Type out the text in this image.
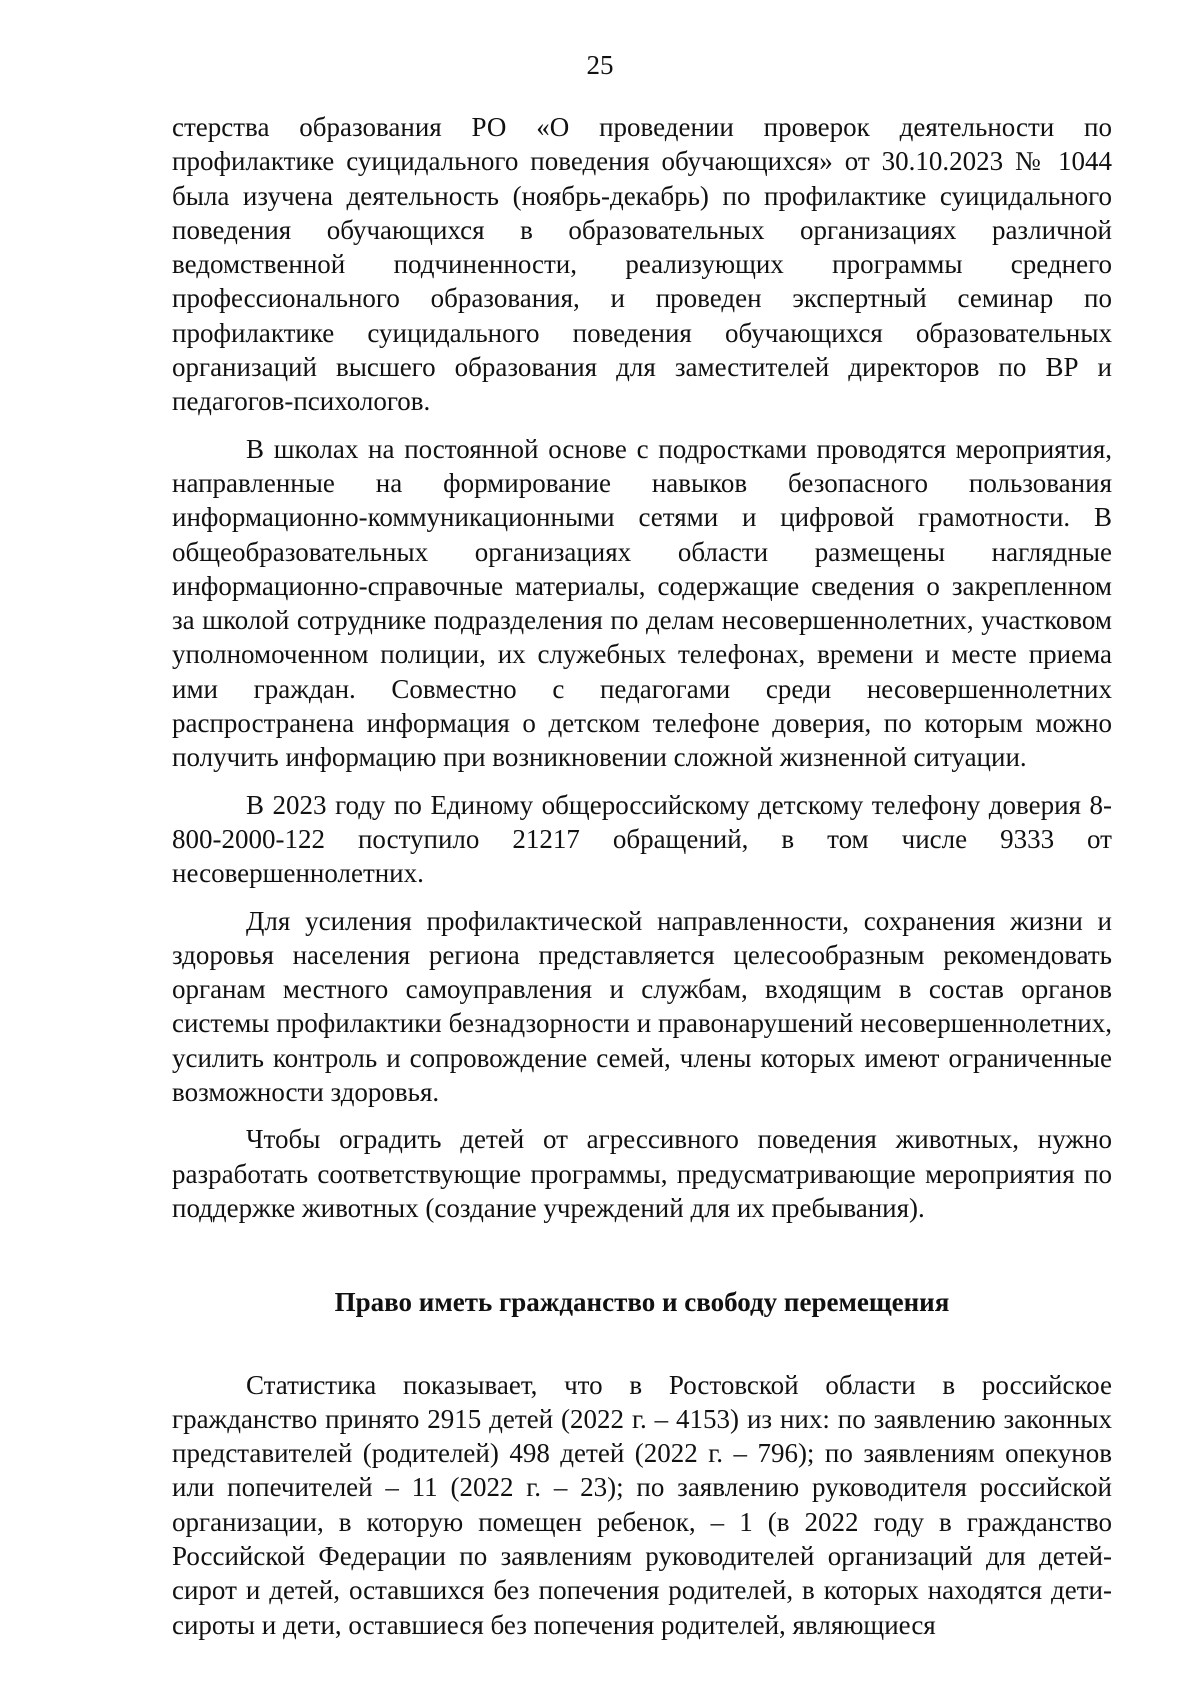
25

стерства образования РО «О проведении проверок деятельности по профилактике суицидального поведения обучающихся» от 30.10.2023 № 1044 была изучена деятельность (ноябрь-декабрь) по профилактике суицидального поведения обучающихся в образовательных организациях различной ведомственной подчиненности, реализующих программы среднего профессионального образования, и проведен экспертный семинар по профилактике суицидального поведения обучающихся образовательных организаций высшего образования для заместителей директоров по ВР и педагогов-психологов.

В школах на постоянной основе с подростками проводятся мероприятия, направленные на формирование навыков безопасного пользования информационно-коммуникационными сетями и цифровой грамотности. В общеобразовательных организациях области размещены наглядные информационно-справочные материалы, содержащие сведения о закрепленном за школой сотруднике подразделения по делам несовершеннолетних, участковом уполномоченном полиции, их служебных телефонах, времени и месте приема ими граждан. Совместно с педагогами среди несовершеннолетних распространена информация о детском телефоне доверия, по которым можно получить информацию при возникновении сложной жизненной ситуации.

В 2023 году по Единому общероссийскому детскому телефону доверия 8-800-2000-122 поступило 21217 обращений, в том числе 9333 от несовершеннолетних.

Для усиления профилактической направленности, сохранения жизни и здоровья населения региона представляется целесообразным рекомендовать органам местного самоуправления и службам, входящим в состав органов системы профилактики безнадзорности и правонарушений несовершеннолетних, усилить контроль и сопровождение семей, члены которых имеют ограниченные возможности здоровья.

Чтобы оградить детей от агрессивного поведения животных, нужно разработать соответствующие программы, предусматривающие мероприятия по поддержке животных (создание учреждений для их пребывания).

Право иметь гражданство и свободу перемещения

Статистика показывает, что в Ростовской области в российское гражданство принято 2915 детей (2022 г. – 4153) из них: по заявлению законных представителей (родителей) 498 детей (2022 г. – 796); по заявлениям опекунов или попечителей – 11 (2022 г. – 23); по заявлению руководителя российской организации, в которую помещен ребенок, – 1 (в 2022 году в гражданство Российской Федерации по заявлениям руководителей организаций для детей-сирот и детей, оставшихся без попечения родителей, в которых находятся дети-сироты и дети, оставшиеся без попечения родителей, являющиеся
